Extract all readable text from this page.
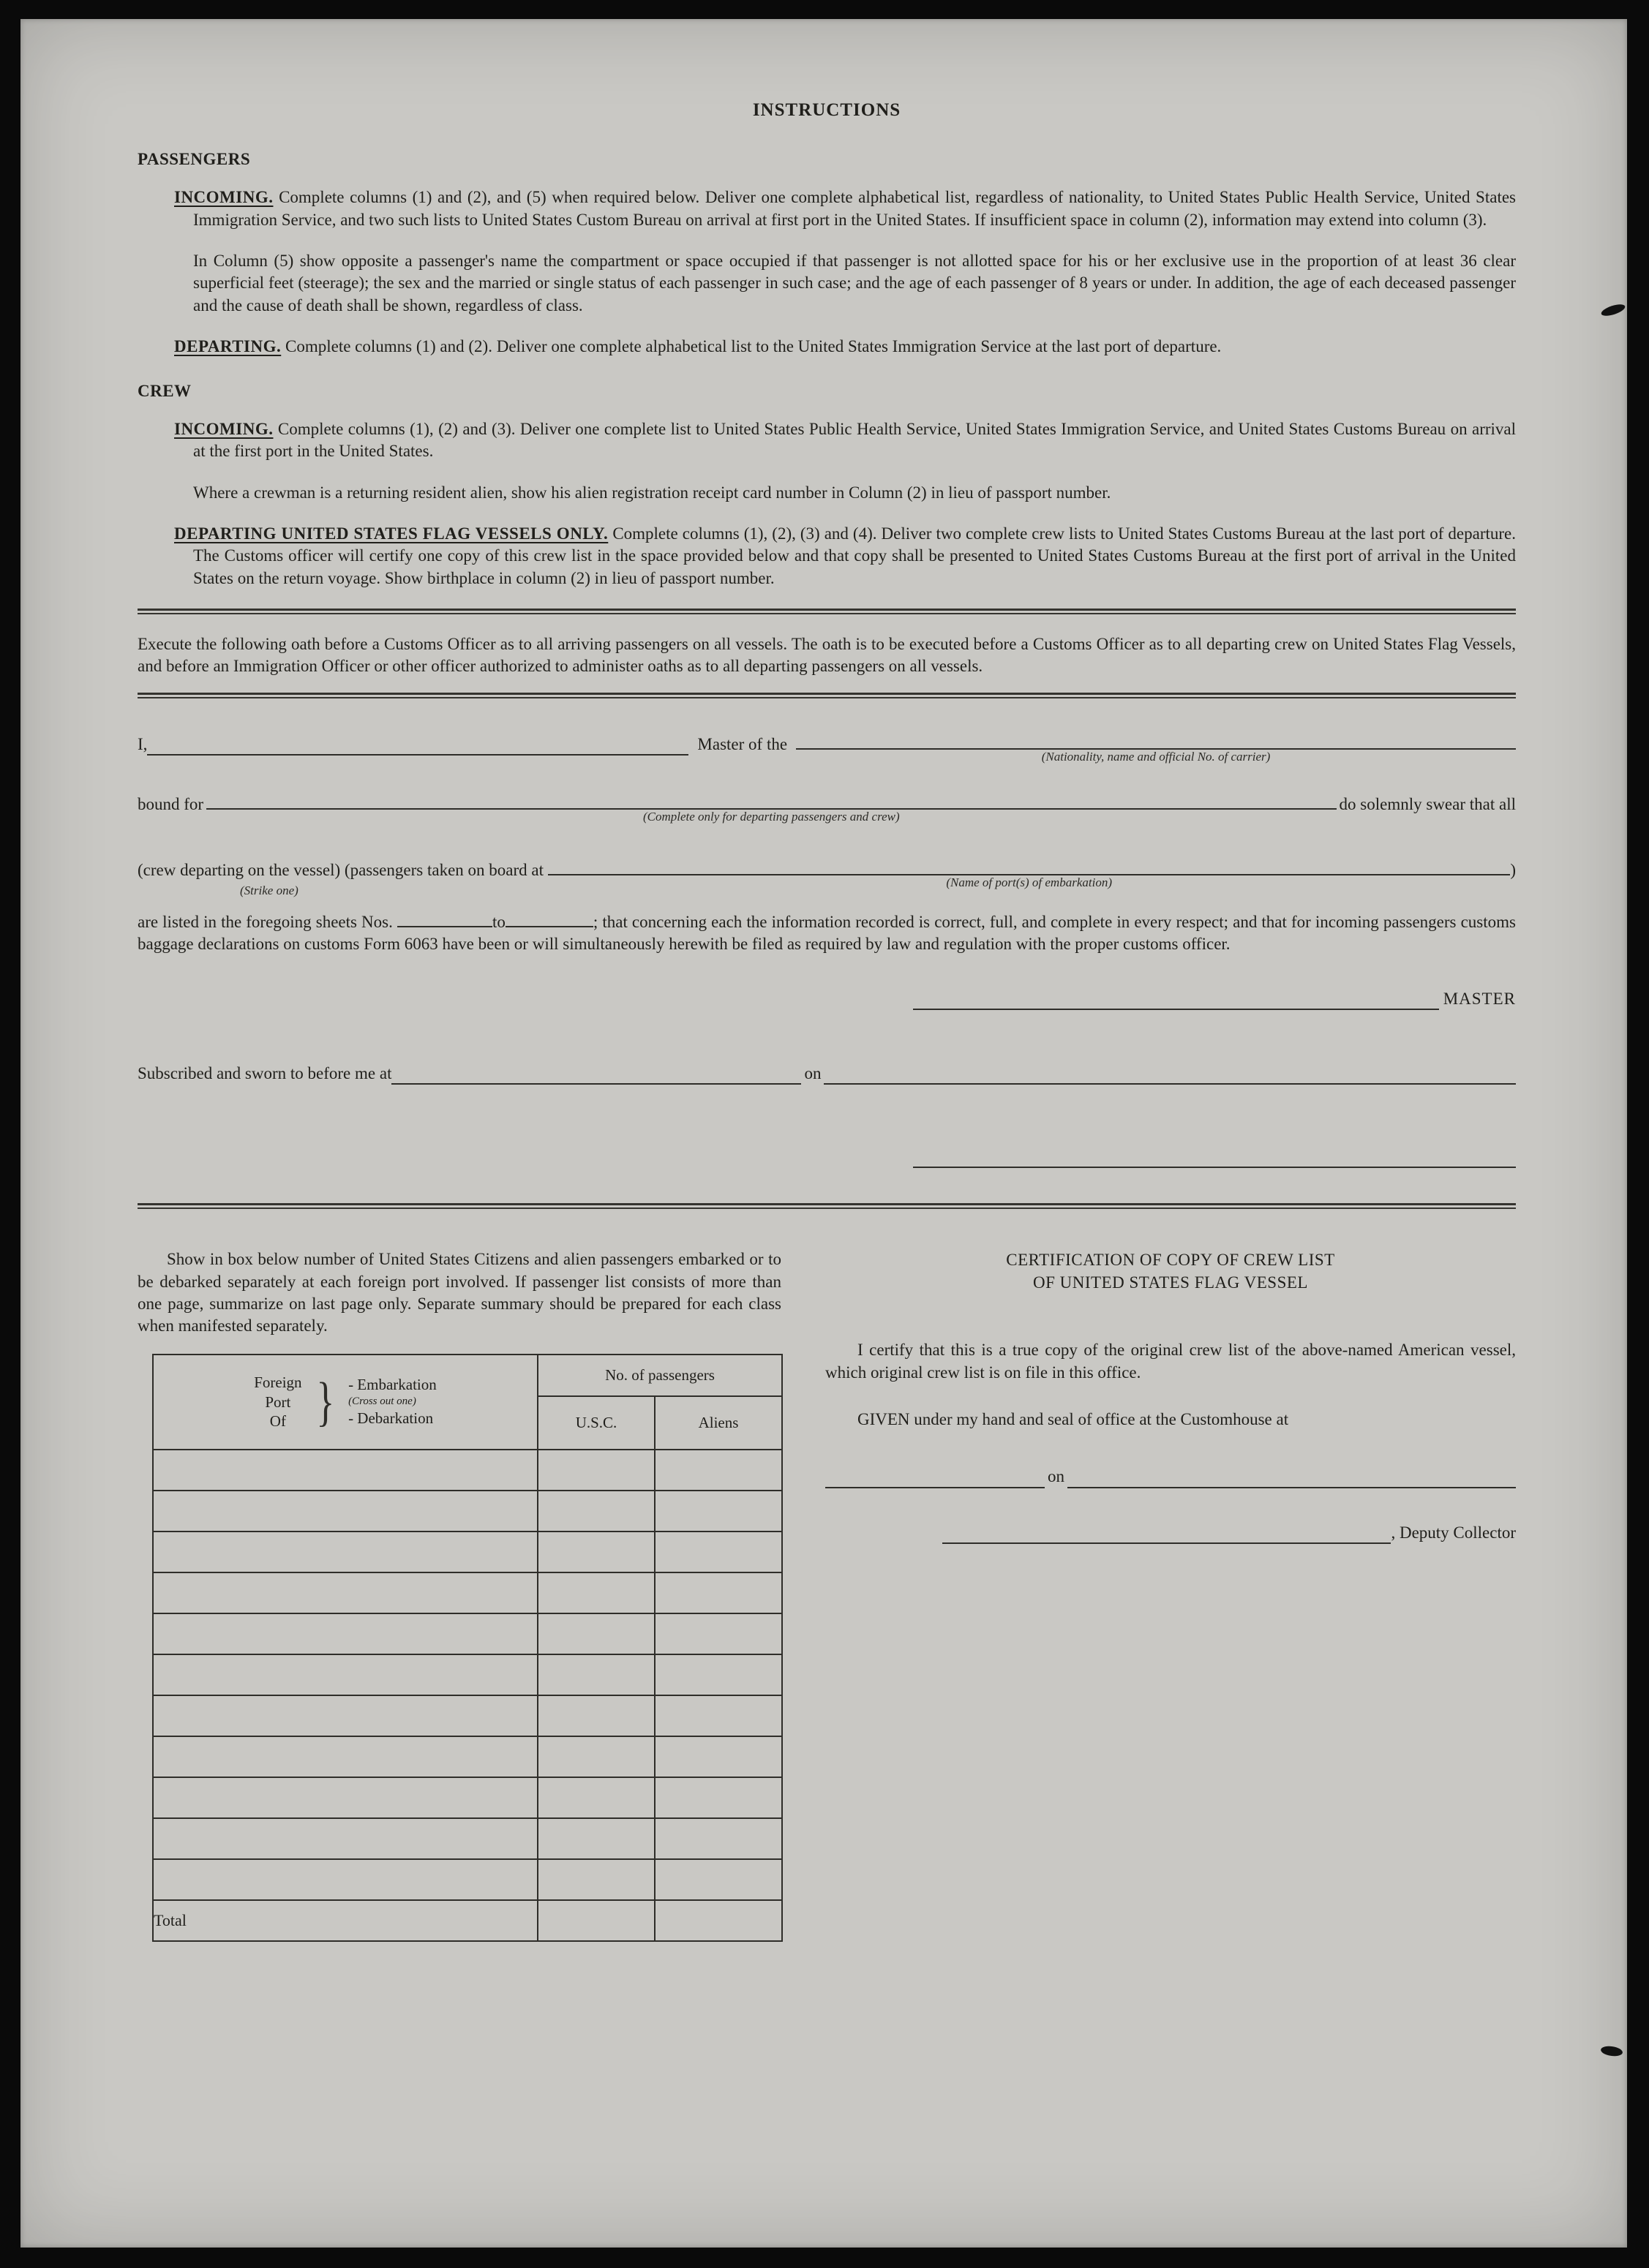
INSTRUCTIONS
PASSENGERS

INCOMING. Complete columns (1) and (2), and (5) when required below. Deliver one complete alphabetical list, regardless of nationality, to United States Public Health Service, United States Immigration Service, and two such lists to United States Custom Bureau on arrival at first port in the United States. If insufficient space in column (2), information may extend into column (3).

In Column (5) show opposite a passenger's name the compartment or space occupied if that passenger is not allotted space for his or her exclusive use in the proportion of at least 36 clear superficial feet (steerage); the sex and the married or single status of each passenger in such case; and the age of each passenger of 8 years or under. In addition, the age of each deceased passenger and the cause of death shall be shown, regardless of class.

DEPARTING. Complete columns (1) and (2). Deliver one complete alphabetical list to the United States Immigration Service at the last port of departure.

CREW

INCOMING. Complete columns (1), (2) and (3). Deliver one complete list to United States Public Health Service, United States Immigration Service, and United States Customs Bureau on arrival at the first port in the United States.

Where a crewman is a returning resident alien, show his alien registration receipt card number in Column (2) in lieu of passport number.

DEPARTING UNITED STATES FLAG VESSELS ONLY. Complete columns (1), (2), (3) and (4). Deliver two complete crew lists to United States Customs Bureau at the last port of departure. The Customs officer will certify one copy of this crew list in the space provided below and that copy shall be presented to United States Customs Bureau at the first port of arrival in the United States on the return voyage. Show birthplace in column (2) in lieu of passport number.

Execute the following oath before a Customs Officer as to all arriving passengers on all vessels. The oath is to be executed before a Customs Officer as to all departing crew on United States Flag Vessels, and before an Immigration Officer or other officer authorized to administer oaths as to all departing passengers on all vessels.

I,	Master of the
(Nationality, name and official No. of carrier)
bound for
(Complete only for departing passengers and crew)
do solemnly swear that all
(crew departing on the vessel) (passengers taken on board at
(Strike one)
(Name of port(s) of embarkation)
)

are listed in the foregoing sheets Nos.	to	; that concerning each the information recorded is correct, full, and complete in every respect; and that for incoming passengers customs baggage declarations on customs Form 6063 have been or will simultaneously herewith be filed as required by law and regulation with the proper customs officer.

MASTER
Subscribed and sworn to before me at	on

Show in box below number of United States Citizens and alien passengers embarked or to be debarked separately at each foreign port involved. If passenger list consists of more than one page, summarize on last page only. Separate summary should be prepared for each class when manifested separately.

Foreign
Port
Of } - Embarkation
(Cross out one)
- Debarkation
	No. of passengers
	U.S.C.	Aliens

Total		
CERTIFICATION OF COPY OF CREW LIST
OF UNITED STATES FLAG VESSEL

I certify that this is a true copy of the original crew list of the above-named American vessel, which original crew list is on file in this office.

GIVEN under my hand and seal of office at the Customhouse at

on
, Deputy Collector
